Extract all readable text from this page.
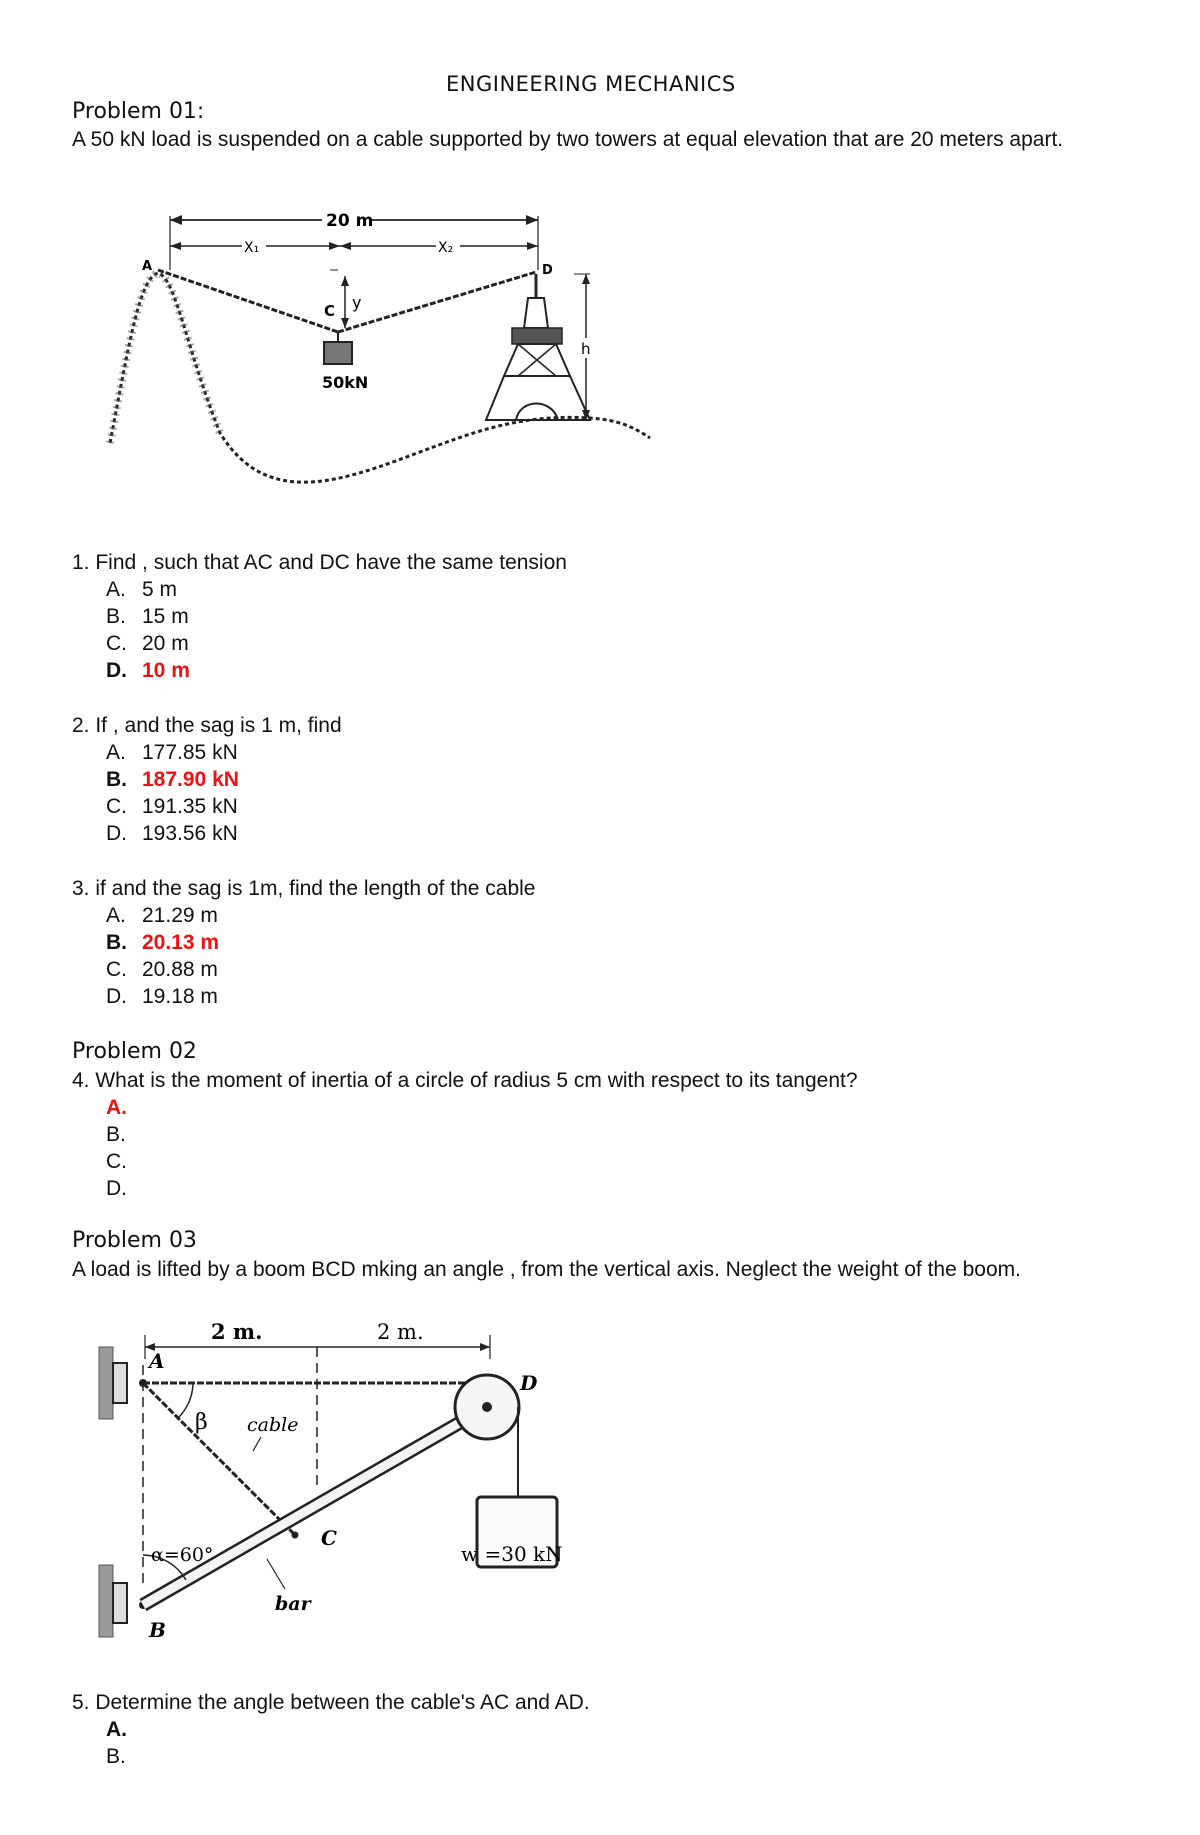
ENGINEERING MECHANICS
Problem 01:
A 50 kN load is suspended on a cable supported by two towers at equal elevation that are 20 meters apart.
20 m
X₁	X₂
y
A
C
D
50kN
h
1. Find , such that AC and DC have the same tension
A. 5 m
B. 15 m
C. 20 m
D. 10 m
2. If , and the sag is 1 m, find
A. 177.85 kN
B. 187.90 kN
C. 191.35 kN
D. 193.56 kN
3. if and the sag is 1m, find the length of the cable
A. 21.29 m
B. 20.13 m
C. 20.88 m
D. 19.18 m
Problem 02
4. What is the moment of inertia of a circle of radius 5 cm with respect to its tangent?
A.
B.
C.
D.
Problem 03
A load is lifted by a boom BCD mking an angle , from the vertical axis. Neglect the weight of the boom.
2 m.	2 m.
β
A
B
C
D
cable
bar
α=60°	w =30 kN
5. Determine the angle between the cable's AC and AD.
A.
B.
